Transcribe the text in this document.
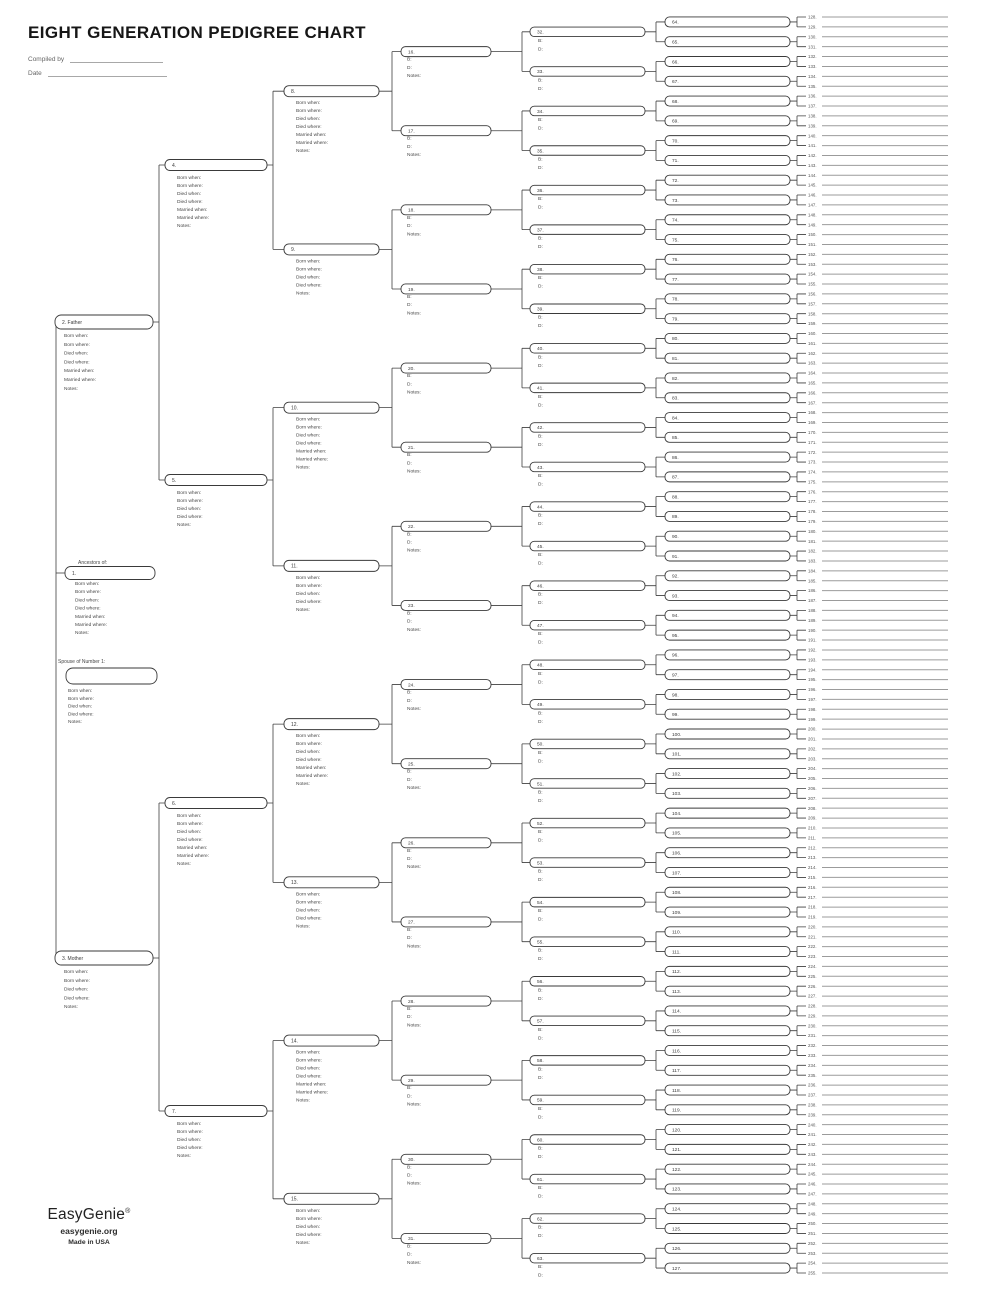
EIGHT GENERATION PEDIGREE CHART
Compiled by
Date
128.
129.
130.
131.
132.
133.
134.
135.
136.
137.
138.
139.
140.
141.
142.
143.
144.
145.
146.
147.
148.
149.
150.
151.
152.
153.
154.
155.
156.
157.
158.
159.
160.
161.
162.
163.
164.
165.
166.
167.
168.
169.
170.
171.
172.
173.
174.
175.
176.
177.
178.
179.
180.
181.
182.
183.
184.
185.
186.
187.
188.
189.
190.
191.
192.
193.
194.
195.
196.
197.
198.
199.
200.
201.
202.
203.
204.
205.
206.
207.
208.
209.
210.
211.
212.
213.
214.
215.
216.
217.
218.
219.
220.
221.
222.
223.
224.
225.
226.
227.
228.
229.
230.
231.
232.
233.
234.
235.
236.
237.
238.
239.
240.
241.
242.
243.
244.
245.
246.
247.
248.
249.
250.
251.
252.
253.
254.
255.
1.
Born when:
Born where:
Died when:
Died where:
Married when:
Married where:
Notes:
2. Father
Born when:
Born where:
Died when:
Died where:
Married when:
Married where:
Notes:
3. Mother
Born when:
Born where:
Died when:
Died where:
Notes:
4.
Born when:
Born where:
Died when:
Died where:
Married when:
Married where:
Notes:
5.
Born when:
Born where:
Died when:
Died where:
Notes:
6.
Born when:
Born where:
Died when:
Died where:
Married when:
Married where:
Notes:
7.
Born when:
Born where:
Died when:
Died where:
Notes:
8.
Born when:
Born where:
Died when:
Died where:
Married when:
Married where:
Notes:
9.
Born when:
Born where:
Died when:
Died where:
Notes:
10.
Born when:
Born where:
Died when:
Died where:
Married when:
Married where:
Notes:
11.
Born when:
Born where:
Died when:
Died where:
Notes:
12.
Born when:
Born where:
Died when:
Died where:
Married when:
Married where:
Notes:
13.
Born when:
Born where:
Died when:
Died where:
Notes:
14.
Born when:
Born where:
Died when:
Died where:
Married when:
Married where:
Notes:
15.
Born when:
Born where:
Died when:
Died where:
Notes:
16.
B:
D:
Notes:
17.
B:
D:
Notes:
18.
B:
D:
Notes:
19.
B:
D:
Notes:
20.
B:
D:
Notes:
21.
B:
D:
Notes:
22.
B:
D:
Notes:
23.
B:
D:
Notes:
24.
B:
D:
Notes:
25.
B:
D:
Notes:
26.
B:
D:
Notes:
27.
B:
D:
Notes:
28.
B:
D:
Notes:
29.
B:
D:
Notes:
30.
B:
D:
Notes:
31.
B:
D:
Notes:
32.
B:
D:
33.
B:
D:
34.
B:
D:
35.
B:
D:
36.
B:
D:
37.
B:
D:
38.
B:
D:
39.
B:
D:
40.
B:
D:
41.
B:
D:
42.
B:
D:
43.
B:
D:
44.
B:
D:
45.
B:
D:
46.
B:
D:
47.
B:
D:
48.
B:
D:
49.
B:
D:
50.
B:
D:
51.
B:
D:
52.
B:
D:
53.
B:
D:
54.
B:
D:
55.
B:
D:
56.
B:
D:
57.
B:
D:
58.
B:
D:
59.
B:
D:
60.
B:
D:
61.
B:
D:
62.
B:
D:
63.
B:
D:
64.
65.
66.
67.
68.
69.
70.
71.
72.
73.
74.
75.
76.
77.
78.
79.
80.
81.
82.
83.
84.
85.
86.
87.
88.
89.
90.
91.
92.
93.
94.
95.
96.
97.
98.
99.
100.
101.
102.
103.
104.
105.
106.
107.
108.
109.
110.
111.
112.
113.
114.
115.
116.
117.
118.
119.
120.
121.
122.
123.
124.
125.
126.
127.
Ancestors of:
Spouse of Number 1:
Born when:
Born where:
Died when:
Died where:
Notes:
EasyGenie®
easygenie.org
Made in USA
